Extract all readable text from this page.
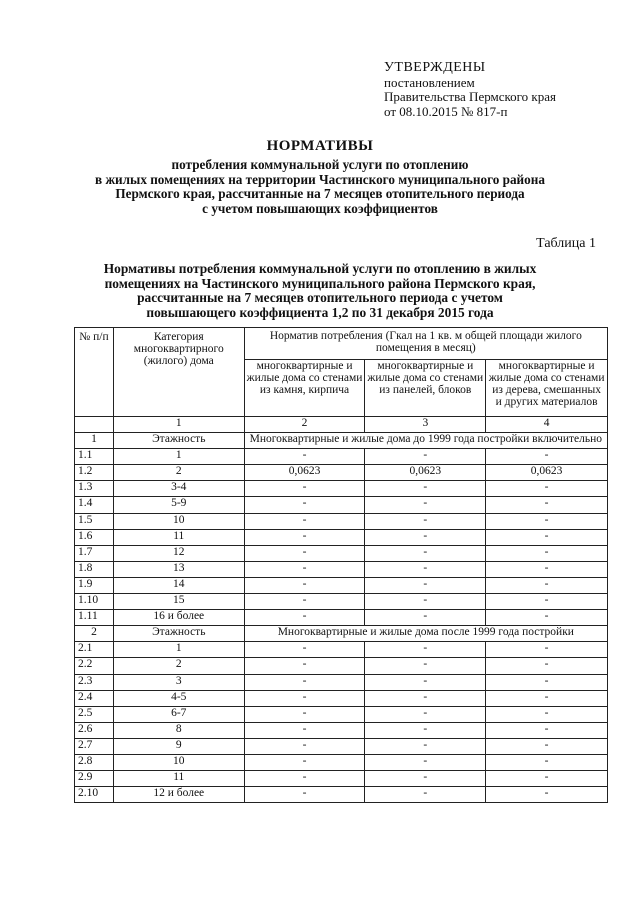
УТВЕРЖДЕНЫ
постановлением
Правительства Пермского края
от 08.10.2015 № 817-п
НОРМАТИВЫ
потребления коммунальной услуги по отоплению
в жилых помещениях на территории Частинского муниципального района
Пермского края, рассчитанные на 7 месяцев отопительного периода
с учетом повышающих коэффициентов
Таблица 1
Нормативы потребления коммунальной услуги по отоплению в жилых
помещениях на Частинского муниципального района Пермского края,
рассчитанные на 7 месяцев отопительного периода с учетом
повышающего коэффициента 1,2 по 31 декабря 2015 года
№ п/п	Категория многоквартирного (жилого) дома	Норматив потребления (Гкал на 1 кв. м общей площади жилого помещения в месяц)		
		многоквартирные и жилые дома со стенами из камня, кирпича	многоквартирные и жилые дома со стенами из панелей, блоков	многоквартирные и жилые дома со стенами из дерева, смешанных и других материалов
	1	2	3	4
1	Этажность	Многоквартирные и жилые дома до 1999 года постройки включительно		
1.1	1	-	-	-
1.2	2	0,0623	0,0623	0,0623
1.3	3-4	-	-	-
1.4	5-9	-	-	-
1.5	10	-	-	-
1.6	11	-	-	-
1.7	12	-	-	-
1.8	13	-	-	-
1.9	14	-	-	-
1.10	15	-	-	-
1.11	16 и более	-	-	-
2	Этажность	Многоквартирные и жилые дома после 1999 года постройки		
2.1	1	-	-	-
2.2	2	-	-	-
2.3	3	-	-	-
2.4	4-5	-	-	-
2.5	6-7	-	-	-
2.6	8	-	-	-
2.7	9	-	-	-
2.8	10	-	-	-
2.9	11	-	-	-
2.10	12 и более	-	-	-
